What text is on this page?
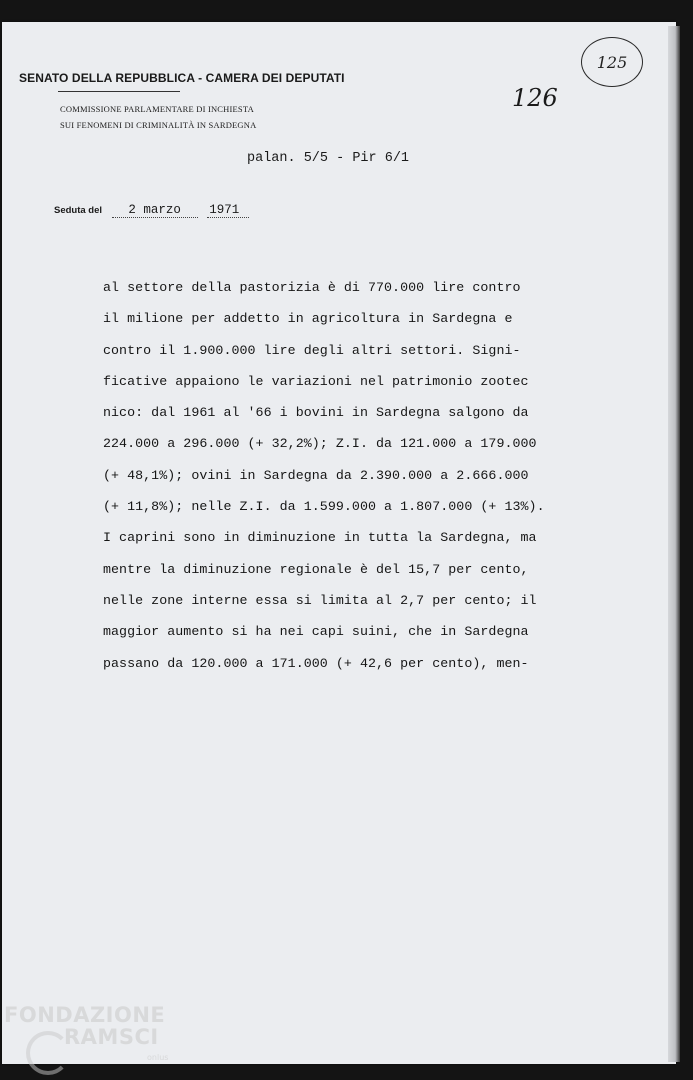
SENATO DELLA REPUBBLICA - CAMERA DEI DEPUTATI
COMMISSIONE PARLAMENTARE DI INCHIESTA
SUI FENOMENI DI CRIMINALITÀ IN SARDEGNA
125
126
palan. 5/5 - Pir 6/1
Seduta del 2 marzo 1971
al settore della pastorizia è di 770.000 lire contro
il milione per addetto in agricoltura in Sardegna e
contro il 1.900.000 lire degli altri settori. Signi-
ficative appaiono le variazioni nel patrimonio zootec
nico: dal 1961 al '66 i bovini in Sardegna salgono da
224.000 a 296.000 (+ 32,2%); Z.I. da 121.000 a 179.000
(+ 48,1%); ovini in Sardegna da 2.390.000 a 2.666.000
(+ 11,8%); nelle Z.I. da 1.599.000 a 1.807.000 (+ 13%).
I caprini sono in diminuzione in tutta la Sardegna, ma
mentre la diminuzione regionale è del 15,7 per cento,
nelle zone interne essa si limita al 2,7 per cento; il
maggior aumento si ha nei capi suini, che in Sardegna
passano da 120.000 a 171.000 (+ 42,6 per cento), men-
FONDAZIONE
RAMSCI
onlus
